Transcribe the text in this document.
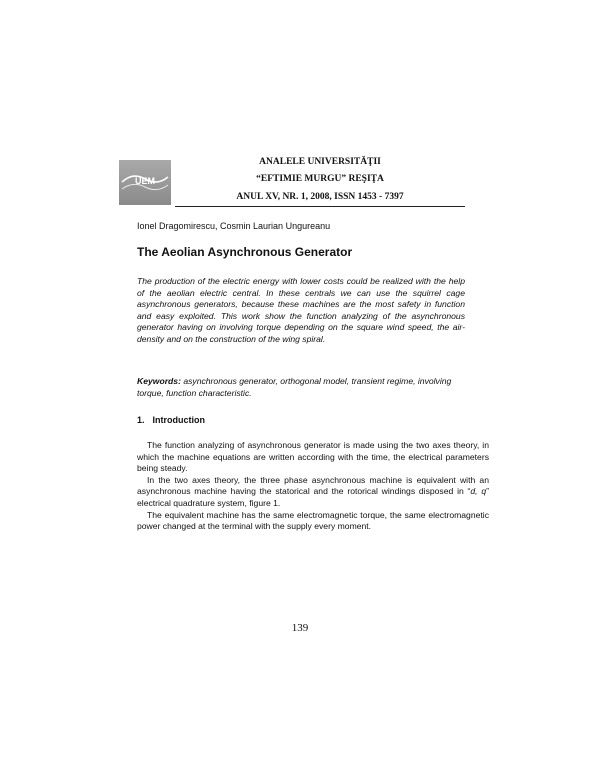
UEM
ANALELE UNIVERSITĂŢII
“EFTIMIE MURGU” REŞIŢA
ANUL XV, NR. 1, 2008, ISSN 1453 - 7397
Ionel Dragomirescu, Cosmin Laurian Ungureanu
The Aeolian Asynchronous Generator
The production of the electric energy with lower costs could be realized with the help of the aeolian electric central. In these centrals we can use the squirrel cage asynchronous generators, because these machines are the most safety in function and easy exploited. This work show the function analyzing of the asynchronous generator having on involving torque depending on the square wind speed, the air-density and on the construction of the wing spiral.
Keywords: asynchronous generator, orthogonal model, transient regime, involving torque, function characteristic.
1. Introduction

The function analyzing of asynchronous generator is made using the two axes theory, in which the machine equations are written according with the time, the electrical parameters being steady.

In the two axes theory, the three phase asynchronous machine is equivalent with an asynchronous machine having the statorical and the rotorical windings disposed in “d, q” electrical quadrature system, figure 1.

The equivalent machine has the same electromagnetic torque, the same electromagnetic power changed at the terminal with the supply every moment.

139
